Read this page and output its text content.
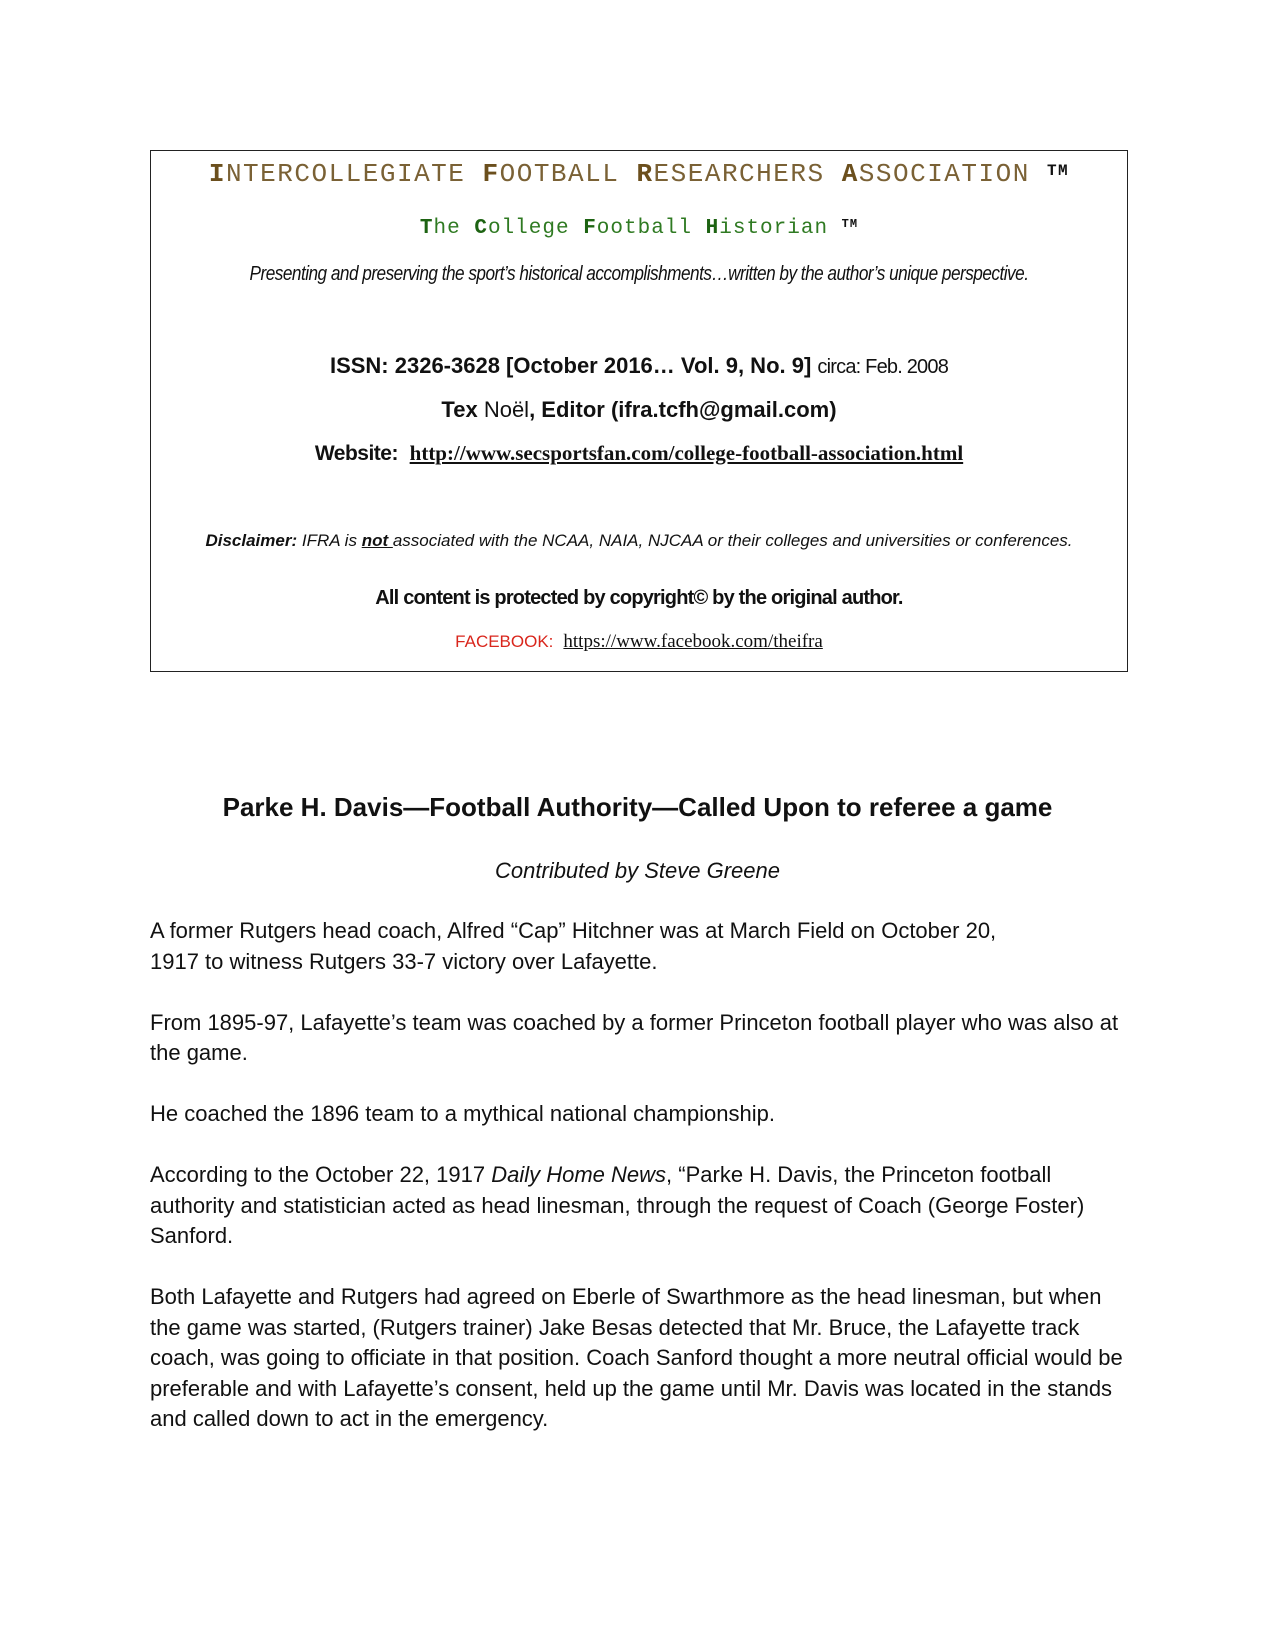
INTERCOLLEGIATE FOOTBALL RESEARCHERS ASSOCIATION ™
The College Football Historian ™
Presenting and preserving the sport’s historical accomplishments…written by the author’s unique perspective.
ISSN: 2326-3628 [October 2016… Vol. 9, No. 9] circa: Feb. 2008
Tex Noël, Editor (ifra.tcfh@gmail.com)
Website: http://www.secsportsfan.com/college-football-association.html
Disclaimer: IFRA is not associated with the NCAA, NAIA, NJCAA or their colleges and universities or conferences.
All content is protected by copyright© by the original author.
FACEBOOK: https://www.facebook.com/theifra
Parke H. Davis—Football Authority—Called Upon to referee a game
Contributed by Steve Greene

A former Rutgers head coach, Alfred “Cap” Hitchner was at March Field on October 20,
1917 to witness Rutgers 33-7 victory over Lafayette.

From 1895-97, Lafayette’s team was coached by a former Princeton football player who was also at the game.

He coached the 1896 team to a mythical national championship.

According to the October 22, 1917 Daily Home News, “Parke H. Davis, the Princeton football authority and statistician acted as head linesman, through the request of Coach (George Foster) Sanford.

Both Lafayette and Rutgers had agreed on Eberle of Swarthmore as the head linesman, but when the game was started, (Rutgers trainer) Jake Besas detected that Mr. Bruce, the Lafayette track coach, was going to officiate in that position. Coach Sanford thought a more neutral official would be preferable and with Lafayette’s consent, held up the game until Mr. Davis was located in the stands and called down to act in the emergency.
